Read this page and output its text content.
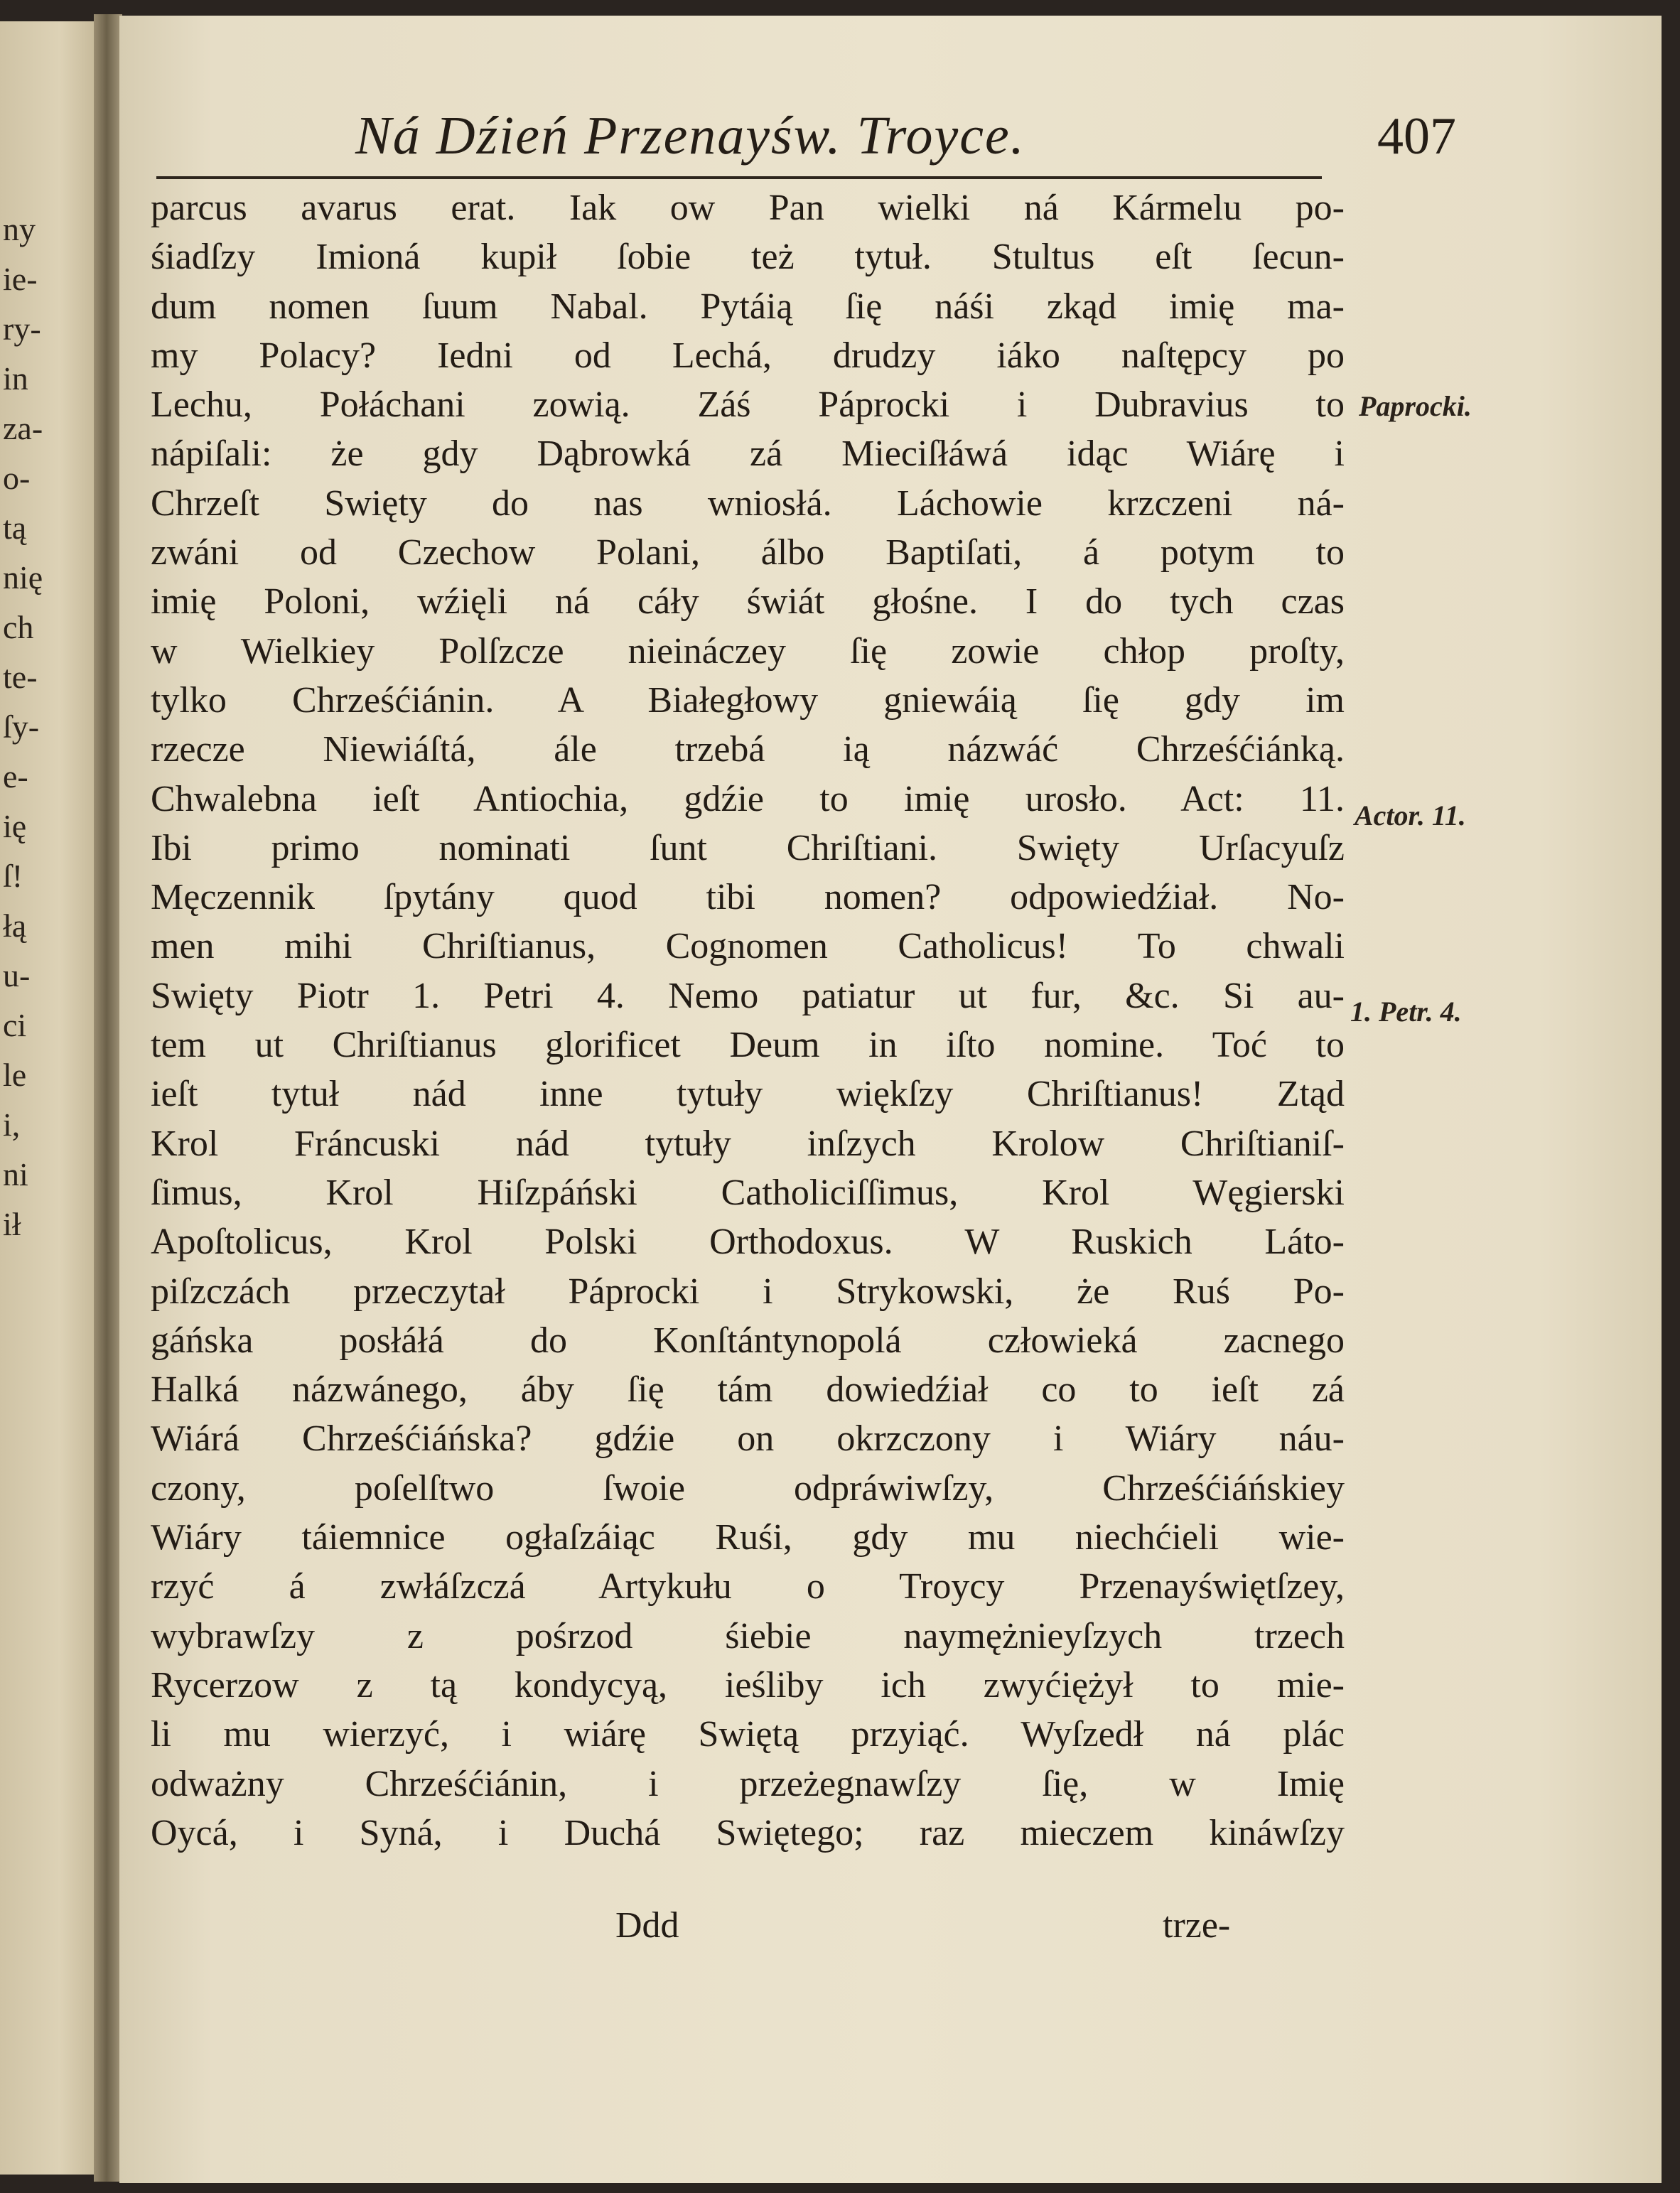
ny
ie-
ry-
in
za-
o-
tą
nię
ch
te-
ſy-
e-
ię
ſ!
łą
u-
ci
le
i,
ni
ił
Ná Dźień Przenayśw. Troyce.	407
parcus avarus erat. Iak ow Pan wielki ná Kármelu po-
śiadſzy Imioná kupił ſobie też tytuł. Stultus eſt ſecun-
dum nomen ſuum Nabal. Pytáią ſię náśi zkąd imię ma-
my Polacy? Iedni od Lechá, drudzy iáko naſtępcy po
Lechu, Połáchani zowią. Záś Páprocki i Dubravius to
nápiſali: że gdy Dąbrowká zá Mieciſłáwá idąc Wiárę i
Chrzeſt Swięty do nas wniosłá. Láchowie krzczeni ná-
zwáni od Czechow Polani, álbo Baptiſati, á potym to
imię Poloni, wźięli ná cáły świát głośne. I do tych czas
w Wielkiey Polſzcze nieináczey ſię zowie chłop proſty,
tylko Chrześćiánin. A Białegłowy gniewáią ſię gdy im
rzecze Niewiáſtá, ále trzebá ią názwáć Chrześćiánką.
Chwalebna ieſt Antiochia, gdźie to imię urosło. Act: 11.
Ibi primo nominati ſunt Chriſtiani. Swięty Urſacyuſz
Męczennik ſpytány quod tibi nomen? odpowiedźiał. No-
men mihi Chriſtianus, Cognomen Catholicus! To chwali
Swięty Piotr 1. Petri 4. Nemo patiatur ut fur, &c. Si au-
tem ut Chriſtianus glorificet Deum in iſto nomine. Toć to
ieſt tytuł nád inne tytuły więkſzy Chriſtianus! Ztąd
Krol Fráncuski nád tytuły inſzych Krolow Chriſtianiſ-
ſimus, Krol Hiſzpáński Catholiciſſimus, Krol Węgierski
Apoſtolicus, Krol Polski Orthodoxus. W Ruskich Láto-
piſzczách przeczytał Páprocki i Strykowski, że Ruś Po-
gáńska posłáłá do Konſtántynopolá człowieká zacnego
Halká názwánego, áby ſię tám dowiedźiał co to ieſt zá
Wiárá Chrześćiáńska? gdźie on okrzczony i Wiáry náu-
czony, poſelſtwo ſwoie odpráwiwſzy, Chrześćiáńskiey
Wiáry táiemnice ogłaſzáiąc Ruśi, gdy mu niechćieli wie-
rzyć á zwłáſzczá Artykułu o Troycy Przenayświętſzey,
wybrawſzy z pośrzod śiebie naymężnieyſzych trzech
Rycerzow z tą kondycyą, ieśliby ich zwyćiężył to mie-
li mu wierzyć, i wiárę Swiętą przyiąć. Wyſzedł ná plác
odważny Chrześćiánin, i przeżegnawſzy ſię, w Imię
Oycá, i Syná, i Duchá Swiętego; raz mieczem kináwſzy
Paprocki.
Actor. 11.
1. Petr. 4.
Ddd	trze-
